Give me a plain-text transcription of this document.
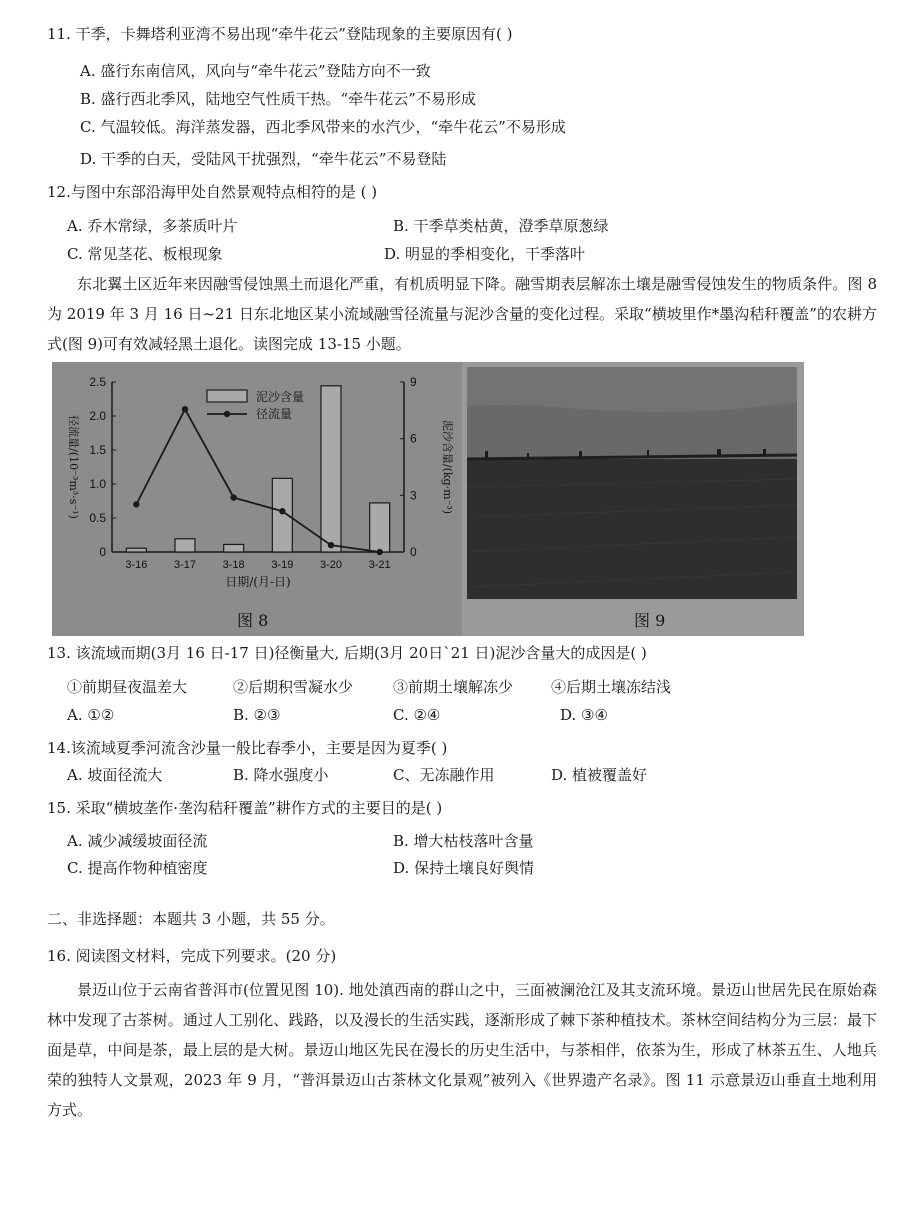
11. 干季，卡舞塔利亚湾不易出现“牵牛花云”登陆现象的主要原因有( )
A. 盛行东南信风，风向与“牵牛花云”登陆方向不一致
B. 盛行西北季风，陆地空气性质干热。“牵牛花云”不易形成
C. 气温较低。海洋蒸发器，西北季风带来的水汽少，“牵牛花云”不易形成
D. 干季的白天，受陆风干扰强烈，“牵牛花云”不易登陆
12.与图中东部沿海甲处自然景观特点相符的是 ( )
A. 乔木常绿，多茶质叶片	B. 干季草类枯黄，澄季草原葱绿
C. 常见茎花、板根现象	D. 明显的季相变化，干季落叶
东北翼土区近年来因融雪侵蚀黑土而退化严重，有机质明显下降。融雪期表层解冻土壤是融雪侵蚀发生的物质条件。图 8 为 2019 年 3 月 16 日~21 日东北地区某小流域融雪径流量与泥沙含量的变化过程。采取“横坡里作*墨沟秸秆覆盖”的农耕方式(图 9)可有效减轻黑土退化。读图完成 13-15 小题。
0
0.5
1.0
1.5
2.0
2.5
0
3
6
9
径流量/(10⁻³m³·s⁻¹)	泥沙含量/(kg·m⁻³)
日期/(月-日)
3-16 3-17 3-18 3-19 3-20 3-21
泥沙含量
径流量
图 8	图 9
13. 该流域而期(3月 16 日-17 日)径衡量大, 后期(3月 20日`21 日)泥沙含量大的成因是( )
①前期昼夜温差大	②后期积雪凝水少	③前期土壤解冻少	④后期土壤冻结浅
A. ①②	B. ②③	C. ②④	D. ③④
14.该流域夏季河流含沙量一般比春季小，主要是因为夏季( )
A. 坡面径流大	B. 降水强度小	C、无冻融作用	D. 植被覆盖好
15. 采取“横坡垄作·垄沟秸秆覆盖”耕作方式的主要目的是( )
A. 减少减缓坡面径流	B. 增大枯枝落叶含量
C. 提高作物种植密度	D. 保持土壤良好舆情
二、非选择题：本题共 3 小题，共 55 分。
16. 阅读图文材料，完成下列要求。(20 分)
景迈山位于云南省普洱市(位置见图 10). 地处滇西南的群山之中，三面被澜沧江及其支流环境。景迈山世居先民在原始森林中发现了古茶树。通过人工别化、践路，以及漫长的生活实践，逐渐形成了棘下茶种植技术。茶林空间结构分为三层：最下面是草，中间是茶，最上层的是大树。景迈山地区先民在漫长的历史生活中，与茶相伴，依茶为生，形成了林茶五生、人地兵荣的独特人文景观，2023 年 9 月，“普洱景迈山古茶林文化景观”被列入《世界遗产名录》。图 11 示意景迈山垂直土地利用方式。
